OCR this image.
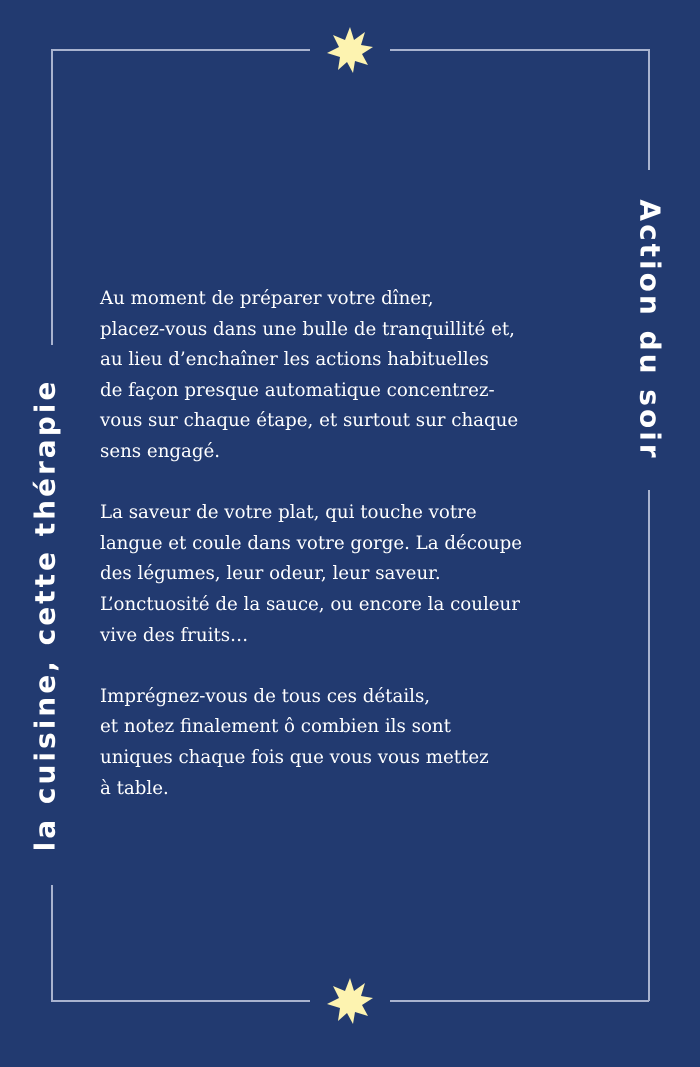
Action du soir
la cuisine, cette thérapie
Au moment de préparer votre dîner,
placez-vous dans une bulle de tranquillité et,
au lieu d’enchaîner les actions habituelles
de façon presque automatique concentrez-
vous sur chaque étape, et surtout sur chaque
sens engagé.
La saveur de votre plat, qui touche votre
langue et coule dans votre gorge. La découpe
des légumes, leur odeur, leur saveur.
L’onctuosité de la sauce, ou encore la couleur
vive des fruits…
Imprégnez-vous de tous ces détails,
et notez finalement ô combien ils sont
uniques chaque fois que vous vous mettez
à table.
